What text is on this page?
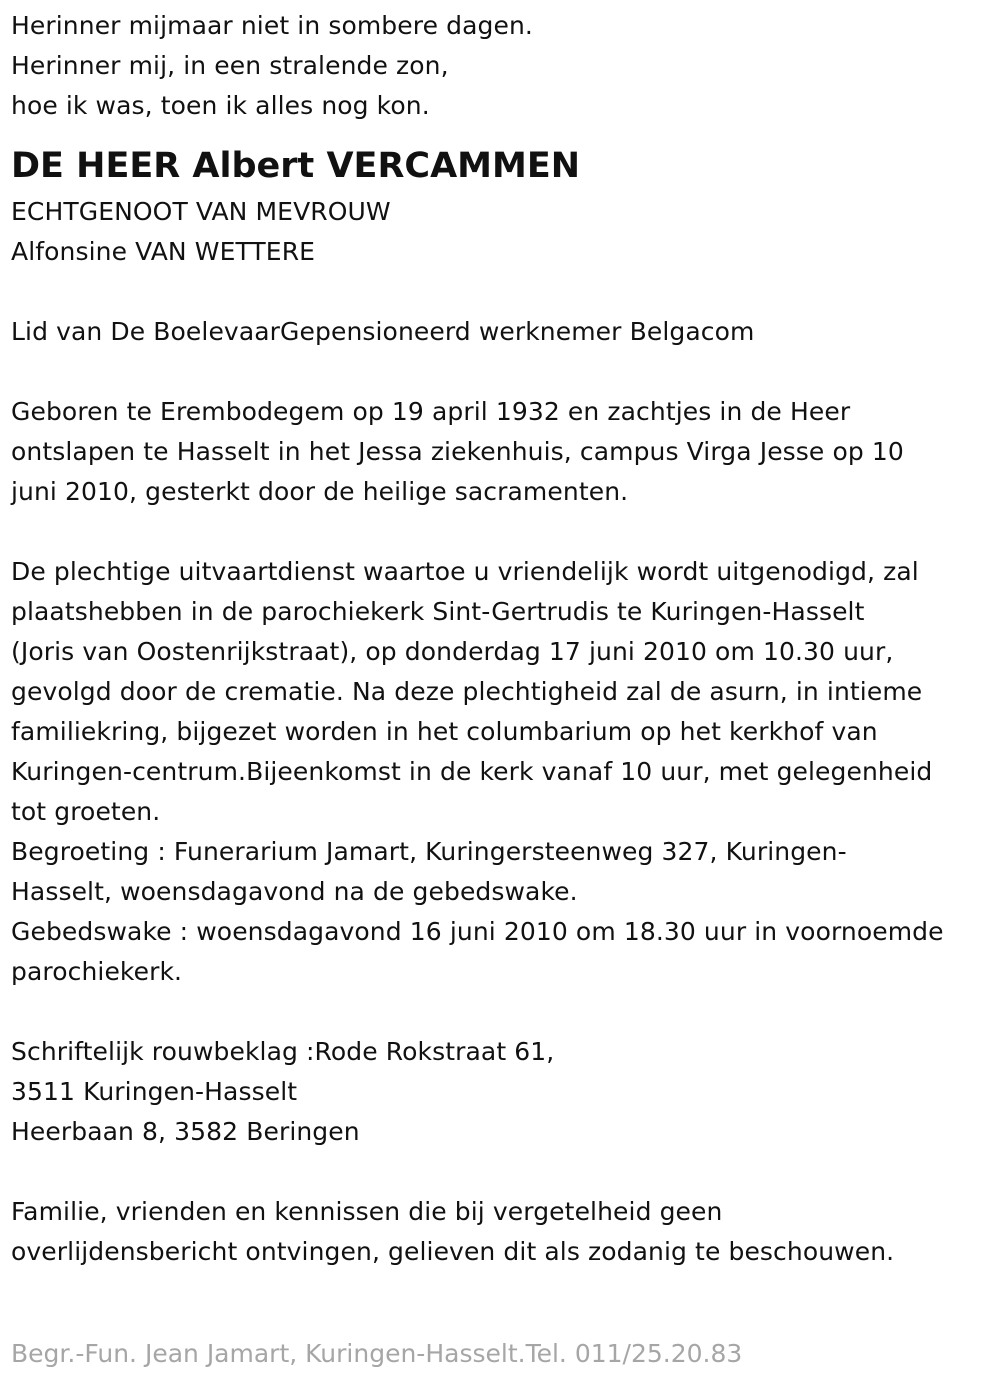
Herinner mijmaar niet in sombere dagen.
Herinner mij, in een stralende zon,
hoe ik was, toen ik alles nog kon.
DE HEER Albert VERCAMMEN
ECHTGENOOT VAN MEVROUW
Alfonsine VAN WETTERE
Lid van De BoelevaarGepensioneerd werknemer Belgacom
Geboren te Erembodegem op 19 april 1932 en zachtjes in de Heer
ontslapen te Hasselt in het Jessa ziekenhuis, campus Virga Jesse op 10
juni 2010, gesterkt door de heilige sacramenten.
De plechtige uitvaartdienst waartoe u vriendelijk wordt uitgenodigd, zal
plaatshebben in de parochiekerk Sint-Gertrudis te Kuringen-Hasselt
(Joris van Oostenrijkstraat), op donderdag 17 juni 2010 om 10.30 uur,
gevolgd door de crematie. Na deze plechtigheid zal de asurn, in intieme
familiekring, bijgezet worden in het columbarium op het kerkhof van
Kuringen-centrum.Bijeenkomst in de kerk vanaf 10 uur, met gelegenheid
tot groeten.
Begroeting : Funerarium Jamart, Kuringersteenweg 327, Kuringen-
Hasselt, woensdagavond na de gebedswake.
Gebedswake : woensdagavond 16 juni 2010 om 18.30 uur in voornoemde
parochiekerk.
Schriftelijk rouwbeklag :Rode Rokstraat 61,
3511 Kuringen-Hasselt
Heerbaan 8, 3582 Beringen
Familie, vrienden en kennissen die bij vergetelheid geen
overlijdensbericht ontvingen, gelieven dit als zodanig te beschouwen.
Begr.-Fun. Jean Jamart, Kuringen-Hasselt.Tel. 011/25.20.83
